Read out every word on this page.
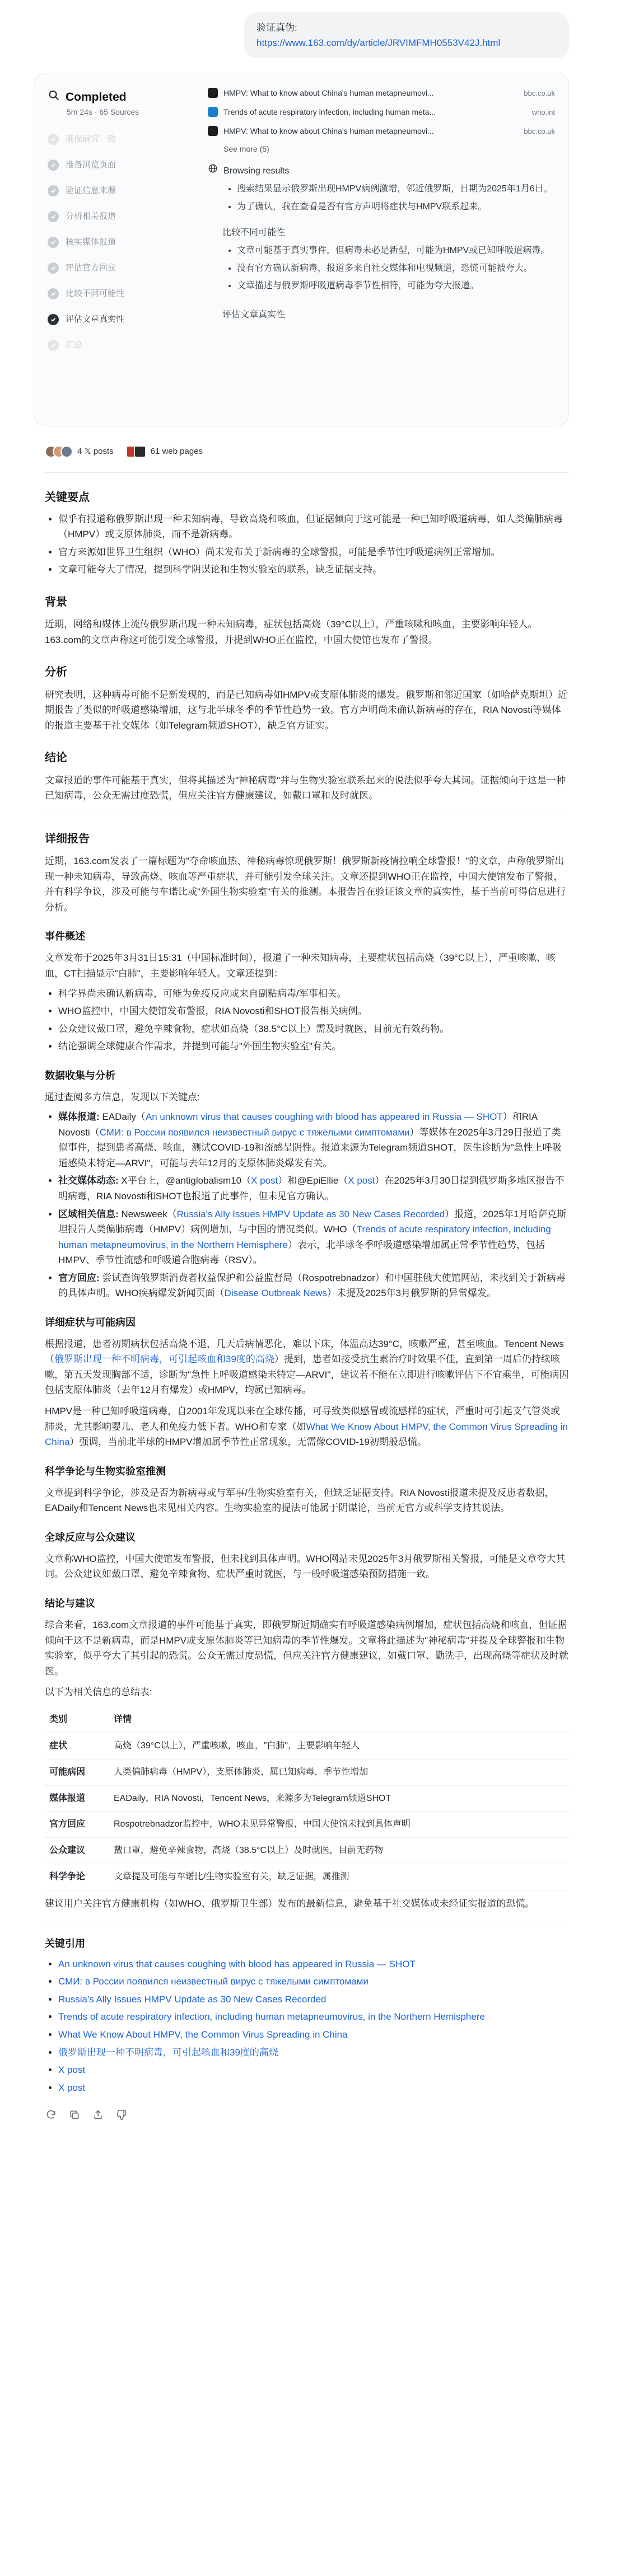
验证真伪:
https://www.163.com/dy/article/JRVIMFMH0553V42J.html
Completed
5m 24s · 65 Sources
确保研究一致
准备浏览页面
验证信息来源
分析相关报道
核实媒体报道
评估官方回应
比较不同可能性
评估文章真实性
汇总
HMPV: What to know about China's human metapneumovi...	bbc.co.uk
Trends of acute respiratory infection, including human meta...	who.int
HMPV: What to know about China's human metapneumovi...	bbc.co.uk
See more (5)
Browsing results
• 搜索结果显示俄罗斯出现HMPV病例激增，邻近俄罗斯，日期为2025年1月6日。
• 为了确认，我在查看是否有官方声明将症状与HMPV联系起来。
比较不同可能性
• 文章可能基于真实事件，但病毒未必是新型，可能为HMPV或已知呼吸道病毒。
• 没有官方确认新病毒，报道多来自社交媒体和电视频道，恐慌可能被夸大。
• 文章描述与俄罗斯呼吸道病毒季节性相符，可能为夸大报道。
评估文章真实性
4 𝕏 posts	61 web pages
关键要点
• 似乎有报道称俄罗斯出现一种未知病毒，导致高烧和咳血，但证据倾向于这可能是一种已知呼吸道病毒，如人类偏肺病毒（HMPV）或支原体肺炎，而不是新病毒。
• 官方来源如世界卫生组织（WHO）尚未发布关于新病毒的全球警报，可能是季节性呼吸道病例正常增加。
• 文章可能夸大了情况，提到科学阴谋论和生物实验室的联系，缺乏证据支持。
背景

近期，网络和媒体上流传俄罗斯出现一种未知病毒，症状包括高烧（39°C以上），严重咳嗽和咳血，主要影响年轻人。163.com的文章声称这可能引发全球警报，并提到WHO正在监控，中国大使馆也发布了警报。

分析

研究表明，这种病毒可能不是新发现的，而是已知病毒如HMPV或支原体肺炎的爆发。俄罗斯和邻近国家（如哈萨克斯坦）近期报告了类似的呼吸道感染增加，这与北半球冬季的季节性趋势一致。官方声明尚未确认新病毒的存在，RIA Novosti等媒体的报道主要基于社交媒体（如Telegram频道SHOT），缺乏官方证实。

结论

文章报道的事件可能基于真实，但将其描述为"神秘病毒"并与生物实验室联系起来的说法似乎夸大其词。证据倾向于这是一种已知病毒，公众无需过度恐慌，但应关注官方健康建议，如戴口罩和及时就医。

详细报告

近期，163.com发表了一篇标题为"夺命咳血热、神秘病毒惊现俄罗斯！俄罗斯新疫情拉响全球警报！"的文章，声称俄罗斯出现一种未知病毒，导致高烧、咳血等严重症状，并可能引发全球关注。文章还提到WHO正在监控，中国大使馆发布了警报，并有科学争议，涉及可能与车诺比或"外国生物实验室"有关的推测。本报告旨在验证该文章的真实性，基于当前可得信息进行分析。

事件概述

文章发布于2025年3月31日15:31（中国标准时间），报道了一种未知病毒，主要症状包括高烧（39°C以上），严重咳嗽、咳血，CT扫描显示"白肺"，主要影响年轻人。文章还提到：

• 科学界尚未确认新病毒，可能为免疫反应或来自副粘病毒/军事相关。
• WHO监控中，中国大使馆发布警报，RIA Novosti和SHOT报告相关病例。
• 公众建议戴口罩，避免辛辣食物，症状如高烧（38.5°C以上）需及时就医，目前无有效药物。
• 结论强调全球健康合作需求，并提到可能与"外国生物实验室"有关。
数据收集与分析

通过查阅多方信息，发现以下关键点:

• 媒体报道: EADaily（An unknown virus that causes coughing with blood has appeared in Russia — SHOT）和RIA Novosti（СМИ: в России появился неизвестный вирус с тяжелыми симптомами）等媒体在2025年3月29日报道了类似事件，提到患者高烧、咳血，测试COVID-19和流感呈阴性。报道来源为Telegram频道SHOT，医生诊断为"急性上呼吸道感染未特定—ARVI"，可能与去年12月的支原体肺炎爆发有关。
• 社交媒体动态: X平台上，@antiglobalism10（X post）和@EpiEllie（X post）在2025年3月30日提到俄罗斯多地区报告不明病毒，RIA Novosti和SHOT也报道了此事件，但未见官方确认。
• 区域相关信息: Newsweek（Russia's Ally Issues HMPV Update as 30 New Cases Recorded）报道，2025年1月哈萨克斯坦报告人类偏肺病毒（HMPV）病例增加，与中国的情况类似。WHO（Trends of acute respiratory infection, including human metapneumovirus, in the Northern Hemisphere）表示，北半球冬季呼吸道感染增加属正常季节性趋势，包括HMPV、季节性流感和呼吸道合胞病毒（RSV）。
• 官方回应: 尝试查询俄罗斯消费者权益保护和公益监督局（Rospotrebnadzor）和中国驻俄大使馆网站，未找到关于新病毒的具体声明。WHO疾病爆发新闻页面（Disease Outbreak News）未提及2025年3月俄罗斯的异常爆发。
详细症状与可能病因

根据报道，患者初期病状包括高烧不退，几天后病情恶化，难以下床，体温高达39°C，咳嗽严重，甚至咳血。Tencent News（俄罗斯出现一种不明病毒，可引起咳血和39度的高烧）提到，患者如接受抗生素治疗时效果不佳，直到第一周后仍持续咳嗽，第五天发现胸部不适，诊断为"急性上呼吸道感染未特定—ARVI"，建议若不能在立即进行咳嗽评估下不宜乘坐，可能病因包括支原体肺炎（去年12月有爆发）或HMPV，均属已知病毒。

HMPV是一种已知呼吸道病毒，自2001年发现以来在全球传播，可导致类似感冒或流感样的症状，严重时可引起支气管炎或肺炎，尤其影响婴儿、老人和免疫力低下者。WHO和专家（如What We Know About HMPV, the Common Virus Spreading in China）强调，当前北半球的HMPV增加属季节性正常现象，无需像COVID-19初期般恐慌。

科学争论与生物实验室推测

文章提到科学争论，涉及是否为新病毒或与军事/生物实验室有关，但缺乏证据支持。RIA Novosti报道未提及反患者数据，EADaily和Tencent News也未见相关内容。生物实验室的提法可能属于阴谋论，当前无官方或科学支持其说法。

全球反应与公众建议

文章称WHO监控，中国大使馆发布警报，但未找到具体声明。WHO网站未见2025年3月俄罗斯相关警报，可能是文章夸大其词。公众建议如戴口罩、避免辛辣食物、症状严重时就医，与一般呼吸道感染预防措施一致。

结论与建议

综合来看，163.com文章报道的事件可能基于真实，即俄罗斯近期确实有呼吸道感染病例增加，症状包括高烧和咳血，但证据倾向于这不是新病毒，而是HMPV或支原体肺炎等已知病毒的季节性爆发。文章将此描述为"神秘病毒"并提及全球警报和生物实验室，似乎夸大了其引起的恐慌。公众无需过度恐慌，但应关注官方健康建议，如戴口罩、勤洗手，出现高烧等症状及时就医。

以下为相关信息的总结表:

类别	详情
症状	高烧（39°C以上），严重咳嗽，咳血，"白肺"，主要影响年轻人
可能病因	人类偏肺病毒（HMPV），支原体肺炎，属已知病毒，季节性增加
媒体报道	EADaily，RIA Novosti，Tencent News，来源多为Telegram频道SHOT
官方回应	Rospotrebnadzor监控中，WHO未见异常警报，中国大使馆未找到具体声明
公众建议	戴口罩，避免辛辣食物，高烧（38.5°C以上）及时就医，目前无药物
科学争论	文章提及可能与车诺比/生物实验室有关，缺乏证据，属推测

建议用户关注官方健康机构（如WHO、俄罗斯卫生部）发布的最新信息，避免基于社交媒体或未经证实报道的恐慌。

关键引用
• An unknown virus that causes coughing with blood has appeared in Russia — SHOT
• СМИ: в России появился неизвестный вирус с тяжелыми симптомами
• Russia's Ally Issues HMPV Update as 30 New Cases Recorded
• Trends of acute respiratory infection, including human metapneumovirus, in the Northern Hemisphere
• What We Know About HMPV, the Common Virus Spreading in China
• 俄罗斯出现一种不明病毒，可引起咳血和39度的高烧
• X post
• X post
